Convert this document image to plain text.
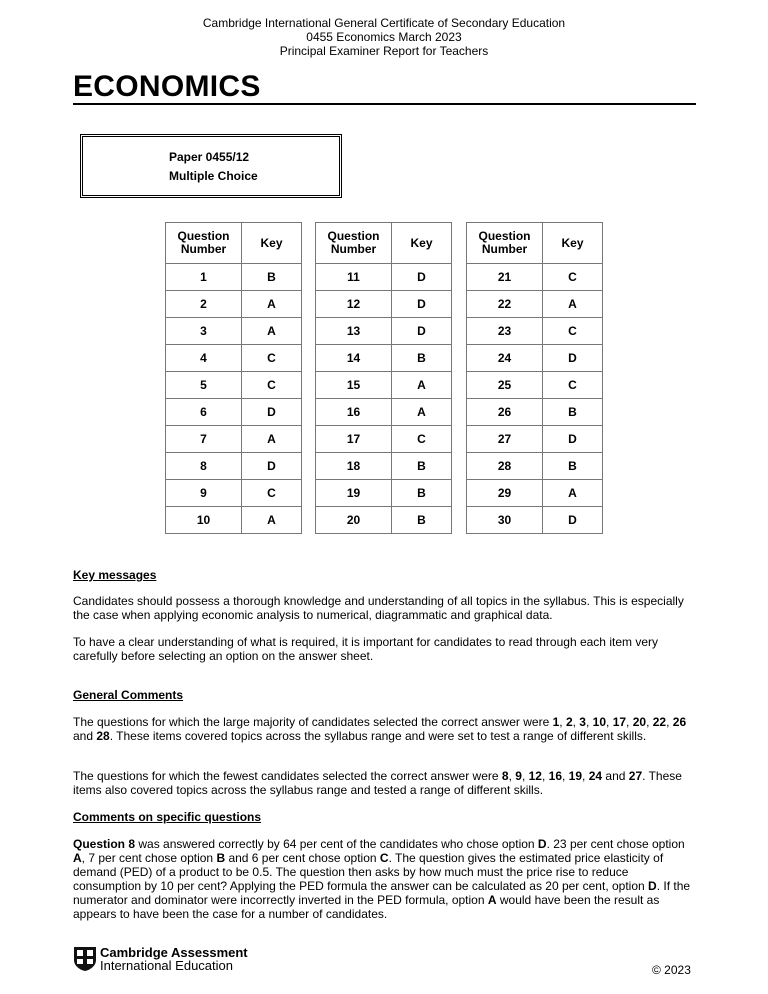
Cambridge International General Certificate of Secondary Education
0455 Economics March 2023
Principal Examiner Report for Teachers
ECONOMICS
Paper 0455/12
Multiple Choice
Question Number	Key
1	B
2	A
3	A
4	C
5	C
6	D
7	A
8	D
9	C
10	A
Question Number	Key
11	D
12	D
13	D
14	B
15	A
16	A
17	C
18	B
19	B
20	B
Question Number	Key
21	C
22	A
23	C
24	D
25	C
26	B
27	D
28	B
29	A
30	D
Key messages
Candidates should possess a thorough knowledge and understanding of all topics in the syllabus. This is especially the case when applying economic analysis to numerical, diagrammatic and graphical data.
To have a clear understanding of what is required, it is important for candidates to read through each item very carefully before selecting an option on the answer sheet.
General Comments
The questions for which the large majority of candidates selected the correct answer were 1, 2, 3, 10, 17, 20, 22, 26 and 28. These items covered topics across the syllabus range and were set to test a range of different skills.
The questions for which the fewest candidates selected the correct answer were 8, 9, 12, 16, 19, 24 and 27. These items also covered topics across the syllabus range and tested a range of different skills.
Comments on specific questions
Question 8 was answered correctly by 64 per cent of the candidates who chose option D. 23 per cent chose option A, 7 per cent chose option B and 6 per cent chose option C. The question gives the estimated price elasticity of demand (PED) of a product to be 0.5. The question then asks by how much must the price rise to reduce consumption by 10 per cent? Applying the PED formula the answer can be calculated as 20 per cent, option D. If the numerator and dominator were incorrectly inverted in the PED formula, option A would have been the result as appears to have been the case for a number of candidates.
Cambridge Assessment
International Education	© 2023
